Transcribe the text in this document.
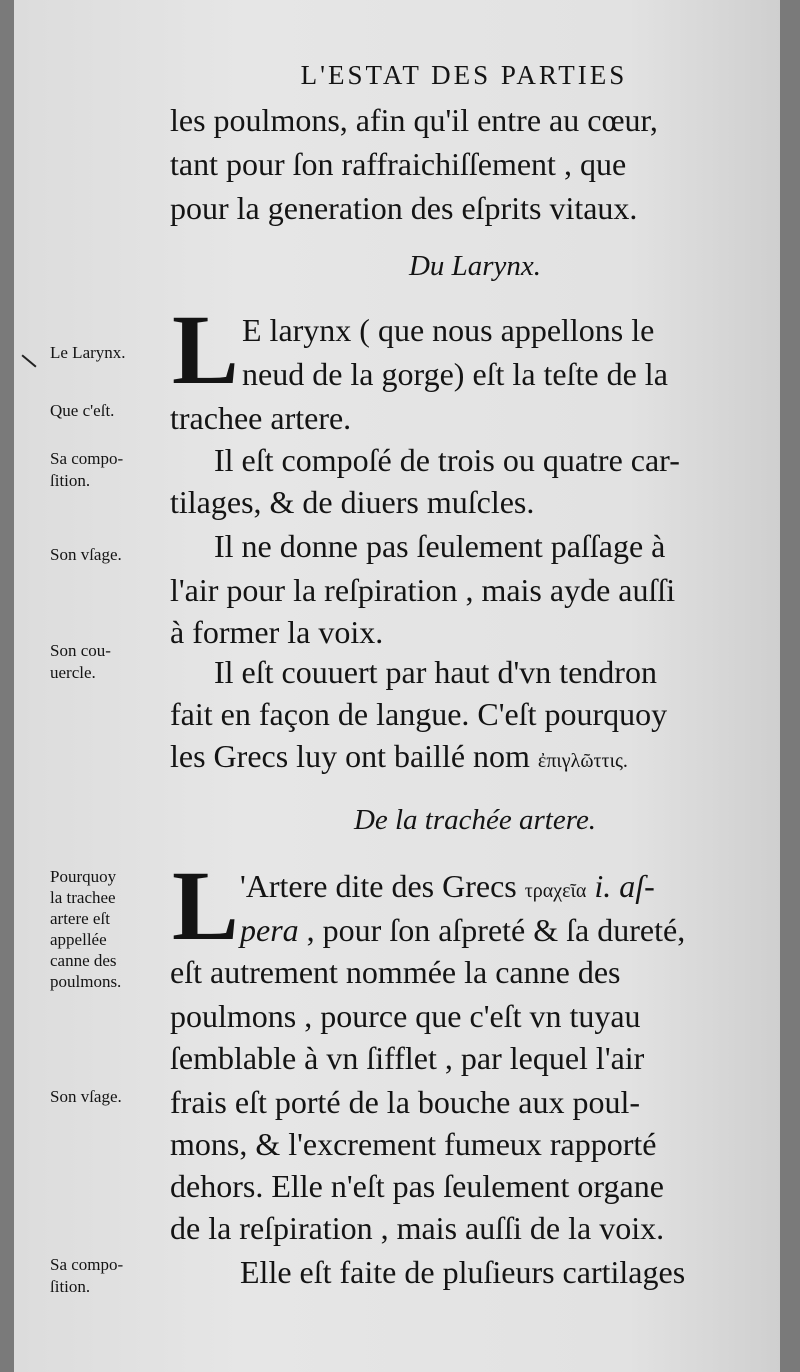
L'ESTAT DES PARTIES
les poulmons, afin qu'il entre au cœur,
tant pour ſon raffraichiſſement , que
pour la generation des eſprits vitaux.
Du Larynx.
L E larynx ( que nous appellons le
neud de la gorge) eſt la teſte de la
trachee artere.
Il eſt compoſé de trois ou quatre car-
tilages, & de diuers muſcles.
Il ne donne pas ſeulement paſſage à
l'air pour la reſpiration , mais ayde auſſi
à former la voix.
Il eſt couuert par haut d'vn tendron
fait en façon de langue. C'eſt pourquoy
les Grecs luy ont baillé nom ἐπιγλῶττις.
De la trachée artere.
L 'Artere dite des Grecs τραχεῖα i. aſ-
pera , pour ſon aſpreté & ſa dureté,
eſt autrement nommée la canne des
poulmons , pource que c'eſt vn tuyau
ſemblable à vn ſifflet , par lequel l'air
frais eſt porté de la bouche aux poul-
mons, & l'excrement fumeux rapporté
dehors. Elle n'eſt pas ſeulement organe
de la reſpiration , mais auſſi de la voix.
Elle eſt faite de pluſieurs cartilages
Le Larynx.
Que c'eſt.
Sa compo-
ſition.
Son vſage.
Son cou-
uercle.
Pourquoy
la trachee
artere eſt
appellée
canne des
poulmons.
Son vſage.
Sa compo-
ſition.
